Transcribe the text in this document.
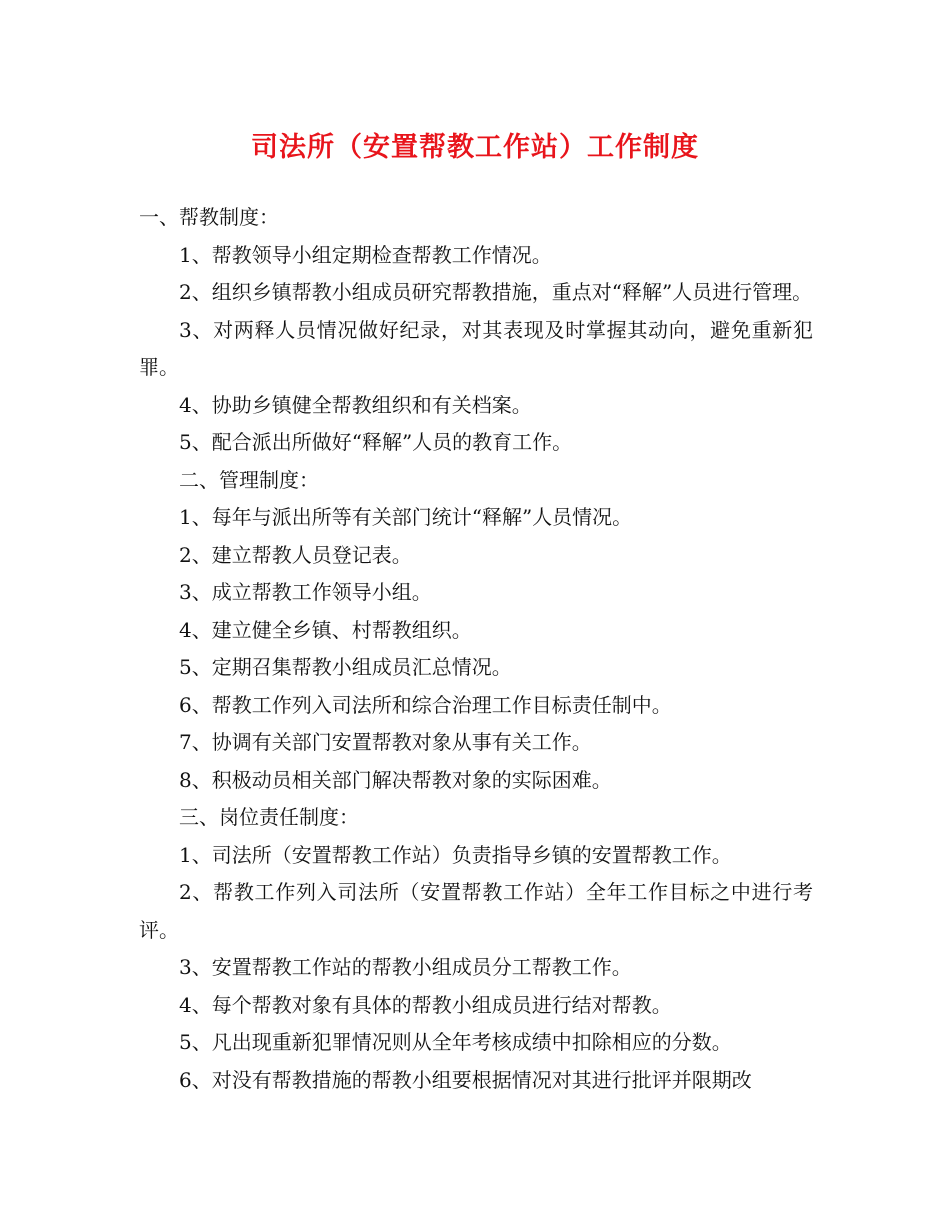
司法所（安置帮教工作站）工作制度

一、帮教制度：

1、帮教领导小组定期检查帮教工作情况。

2、组织乡镇帮教小组成员研究帮教措施，重点对“释解”人员进行管理。

3、对两释人员情况做好纪录，对其表现及时掌握其动向，避免重新犯罪。

4、协助乡镇健全帮教组织和有关档案。

5、配合派出所做好“释解”人员的教育工作。

二、管理制度：

1、每年与派出所等有关部门统计“释解”人员情况。

2、建立帮教人员登记表。

3、成立帮教工作领导小组。

4、建立健全乡镇、村帮教组织。

5、定期召集帮教小组成员汇总情况。

6、帮教工作列入司法所和综合治理工作目标责任制中。

7、协调有关部门安置帮教对象从事有关工作。

8、积极动员相关部门解决帮教对象的实际困难。

三、岗位责任制度：

1、司法所（安置帮教工作站）负责指导乡镇的安置帮教工作。

2、帮教工作列入司法所（安置帮教工作站）全年工作目标之中进行考评。

3、安置帮教工作站的帮教小组成员分工帮教工作。

4、每个帮教对象有具体的帮教小组成员进行结对帮教。

5、凡出现重新犯罪情况则从全年考核成绩中扣除相应的分数。

6、对没有帮教措施的帮教小组要根据情况对其进行批评并限期改
